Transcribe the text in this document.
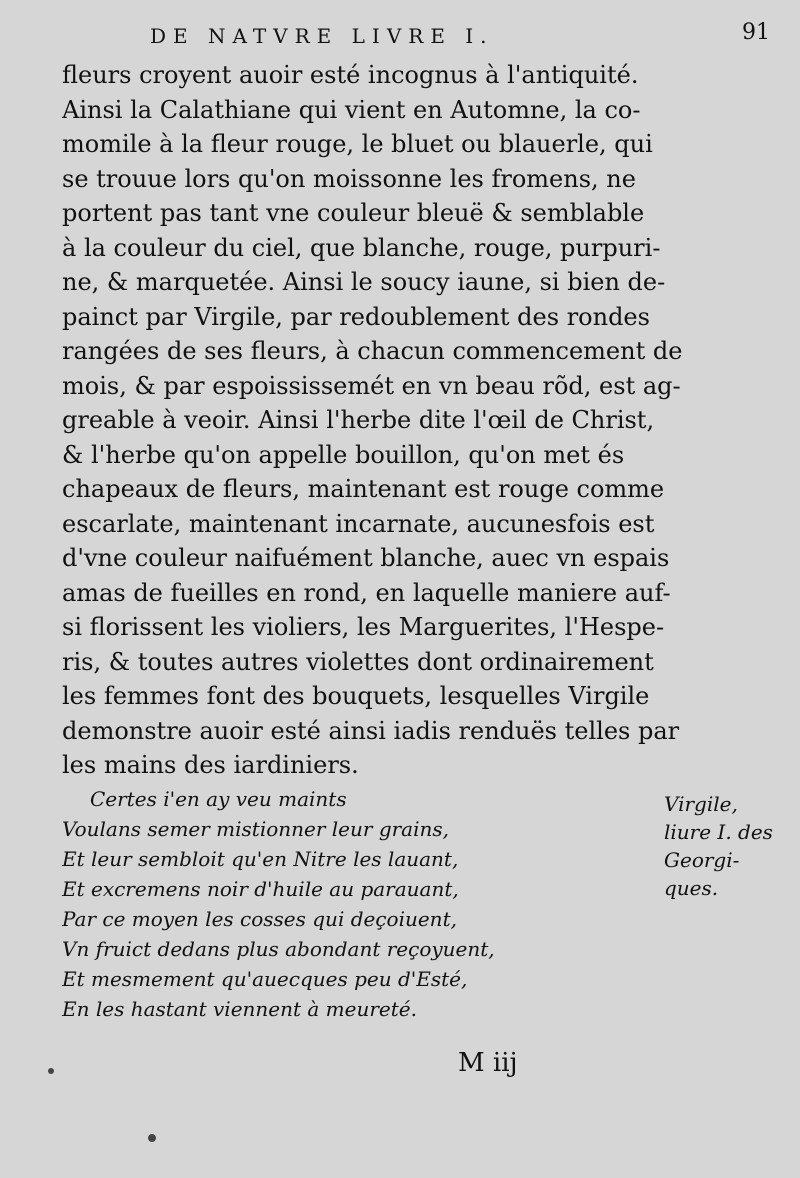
DE NATVRE LIVRE I.	91
fleurs croyent auoir esté incognus à l'antiquité.
Ainsi la Calathiane qui vient en Automne, la co-
momile à la fleur rouge, le bluet ou blauerle, qui
se trouue lors qu'on moissonne les fromens, ne
portent pas tant vne couleur bleuë & semblable
à la couleur du ciel, que blanche, rouge, purpuri-
ne, & marquetée. Ainsi le soucy iaune, si bien de-
painct par Virgile, par redoublement des rondes
rangées de ses fleurs, à chacun commencement de
mois, & par espoississemét en vn beau rõd, est ag-
greable à veoir. Ainsi l'herbe dite l'œil de Christ,
& l'herbe qu'on appelle bouillon, qu'on met és
chapeaux de fleurs, maintenant est rouge comme
escarlate, maintenant incarnate, aucunesfois est
d'vne couleur naifuément blanche, auec vn espais
amas de fueilles en rond, en laquelle maniere auf-
si florissent les violiers, les Marguerites, l'Hespe-
ris, & toutes autres violettes dont ordinairement
les femmes font des bouquets, lesquelles Virgile
demonstre auoir esté ainsi iadis renduës telles par
les mains des iardiniers.
Certes i'en ay veu maints
Voulans semer mistionner leur grains,
Et leur sembloit qu'en Nitre les lauant,
Et excremens noir d'huile au parauant,
Par ce moyen les cosses qui deçoiuent,
Vn fruict dedans plus abondant reçoyuent,
Et mesmement qu'auecques peu d'Esté,
En les hastant viennent à meureté.
Virgile,
liure I. des
Georgi-
ques.
M iij
